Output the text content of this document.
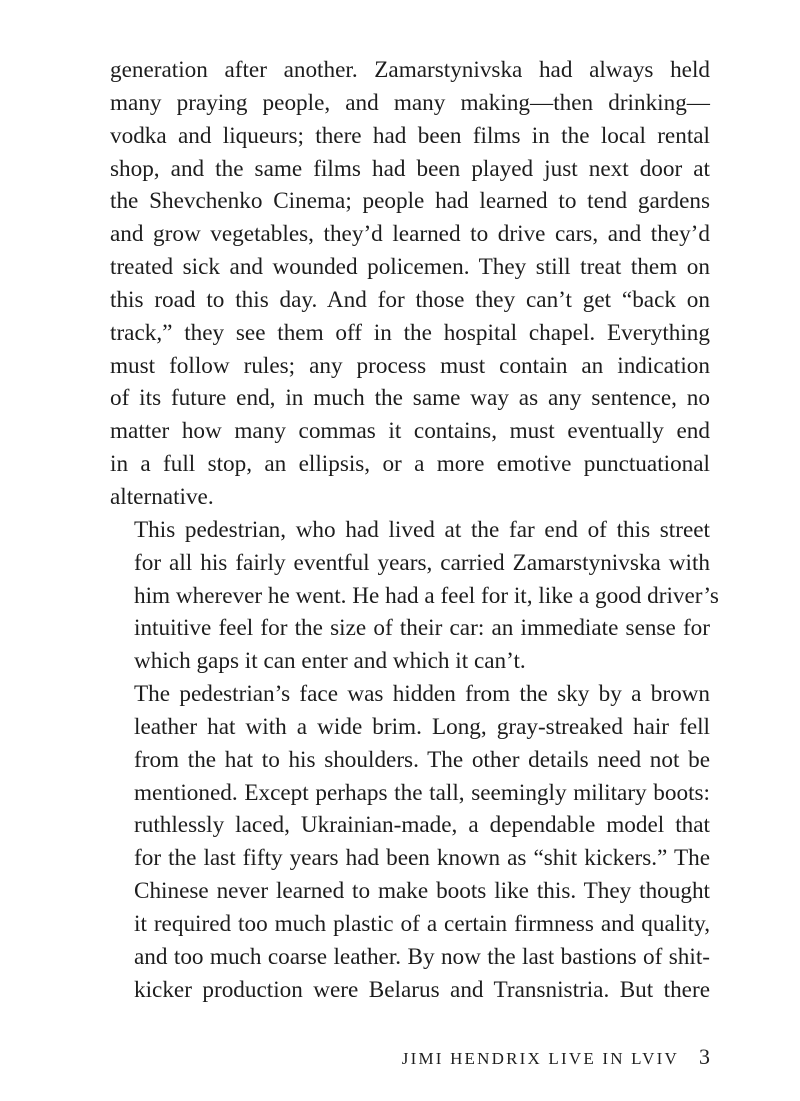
generation after another. Zamarstynivska had always held
many praying people, and many making—then drinking—
vodka and liqueurs; there had been films in the local rental
shop, and the same films had been played just next door at
the Shevchenko Cinema; people had learned to tend gardens
and grow vegetables, they’d learned to drive cars, and they’d
treated sick and wounded policemen. They still treat them on
this road to this day. And for those they can’t get “back on
track,” they see them off in the hospital chapel. Everything
must follow rules; any process must contain an indication
of its future end, in much the same way as any sentence, no
matter how many commas it contains, must eventually end
in a full stop, an ellipsis, or a more emotive punctuational
alternative.

This pedestrian, who had lived at the far end of this street
for all his fairly eventful years, carried Zamarstynivska with
him wherever he went. He had a feel for it, like a good driver’s
intuitive feel for the size of their car: an immediate sense for
which gaps it can enter and which it can’t.

The pedestrian’s face was hidden from the sky by a brown
leather hat with a wide brim. Long, gray-streaked hair fell
from the hat to his shoulders. The other details need not be
mentioned. Except perhaps the tall, seemingly military boots:
ruthlessly laced, Ukrainian-made, a dependable model that
for the last fifty years had been known as “shit kickers.” The
Chinese never learned to make boots like this. They thought
it required too much plastic of a certain firmness and quality,
and too much coarse leather. By now the last bastions of shit-
kicker production were Belarus and Transnistria. But there

JIMI HENDRIX LIVE IN LVIV 3
